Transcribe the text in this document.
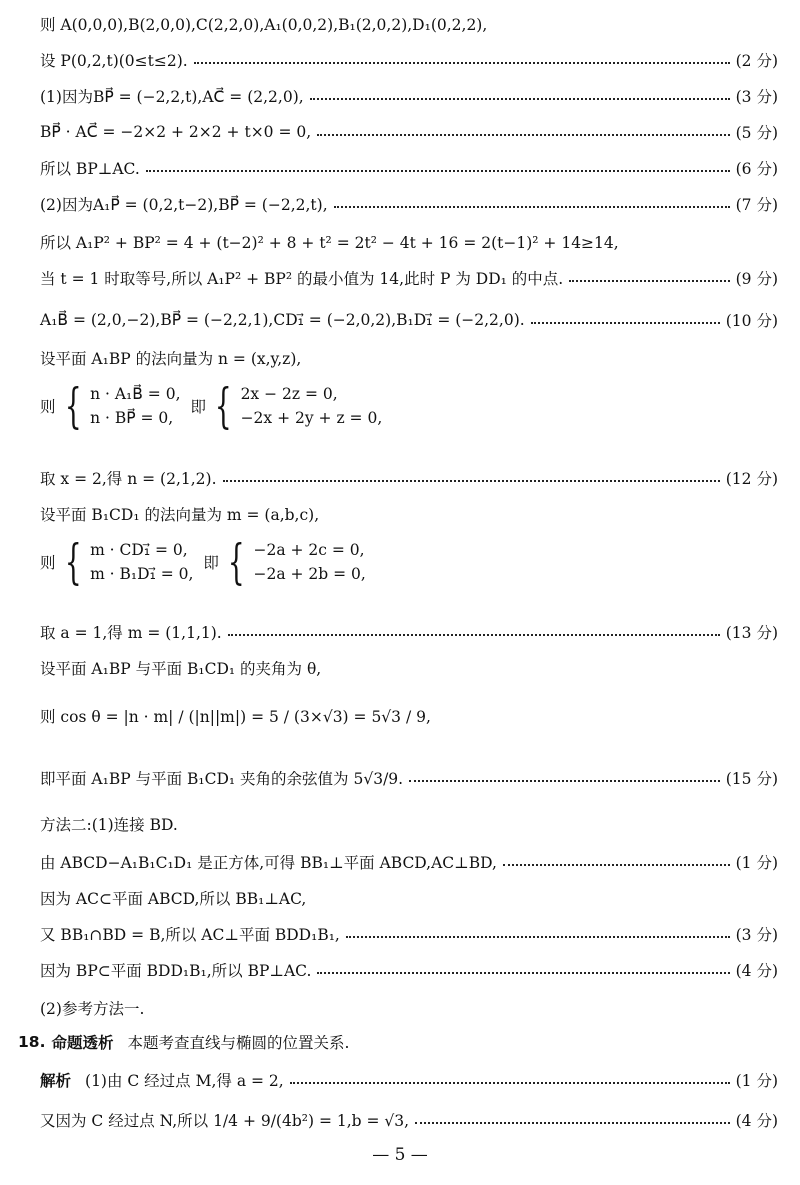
则 A(0,0,0),B(2,0,0),C(2,2,0),A₁(0,0,2),B₁(2,0,2),D₁(0,2,2),
设 P(0,2,t)(0≤t≤2).	(2 分)
(1)因为BP⃗ = (−2,2,t),AC⃗ = (2,2,0),	(3 分)
BP⃗ · AC⃗ = −2×2 + 2×2 + t×0 = 0,	(5 分)
所以 BP⊥AC.	(6 分)
(2)因为A₁P⃗ = (0,2,t−2),BP⃗ = (−2,2,t),	(7 分)
所以 A₁P² + BP² = 4 + (t−2)² + 8 + t² = 2t² − 4t + 16 = 2(t−1)² + 14≥14,
当 t = 1 时取等号,所以 A₁P² + BP² 的最小值为 14,此时 P 为 DD₁ 的中点.	(9 分)
A₁B⃗ = (2,0,−2),BP⃗ = (−2,2,1),CD₁⃗ = (−2,0,2),B₁D₁⃗ = (−2,2,0).	(10 分)
设平面 A₁BP 的法向量为 n = (x,y,z),
取 x = 2,得 n = (2,1,2).	(12 分)
设平面 B₁CD₁ 的法向量为 m = (a,b,c),
取 a = 1,得 m = (1,1,1).	(13 分)
设平面 A₁BP 与平面 B₁CD₁ 的夹角为 θ,
则 cos θ = |n · m| / (|n||m|) = 5 / (3×√3) = 5√3 / 9,
即平面 A₁BP 与平面 B₁CD₁ 夹角的余弦值为 5√3/9.	(15 分)
方法二:(1)连接 BD.
由 ABCD−A₁B₁C₁D₁ 是正方体,可得 BB₁⊥平面 ABCD,AC⊥BD,	(1 分)
因为 AC⊂平面 ABCD,所以 BB₁⊥AC,
又 BB₁∩BD = B,所以 AC⊥平面 BDD₁B₁,	(3 分)
因为 BP⊂平面 BDD₁B₁,所以 BP⊥AC.	(4 分)
(2)参考方法一.
则 { n · A₁B⃗ = 0,
n · BP⃗ = 0,
即 { 2x − 2z = 0,
−2x + 2y + z = 0,
则 { m · CD₁⃗ = 0,
m · B₁D₁⃗ = 0,
即 { −2a + 2c = 0,
−2a + 2b = 0,
18. 命题透析 本题考查直线与椭圆的位置关系.
解析 (1)由 C 经过点 M,得 a = 2,	(1 分)
又因为 C 经过点 N,所以 1/4 + 9/(4b²) = 1,b = √3,	(4 分)
— 5 —
